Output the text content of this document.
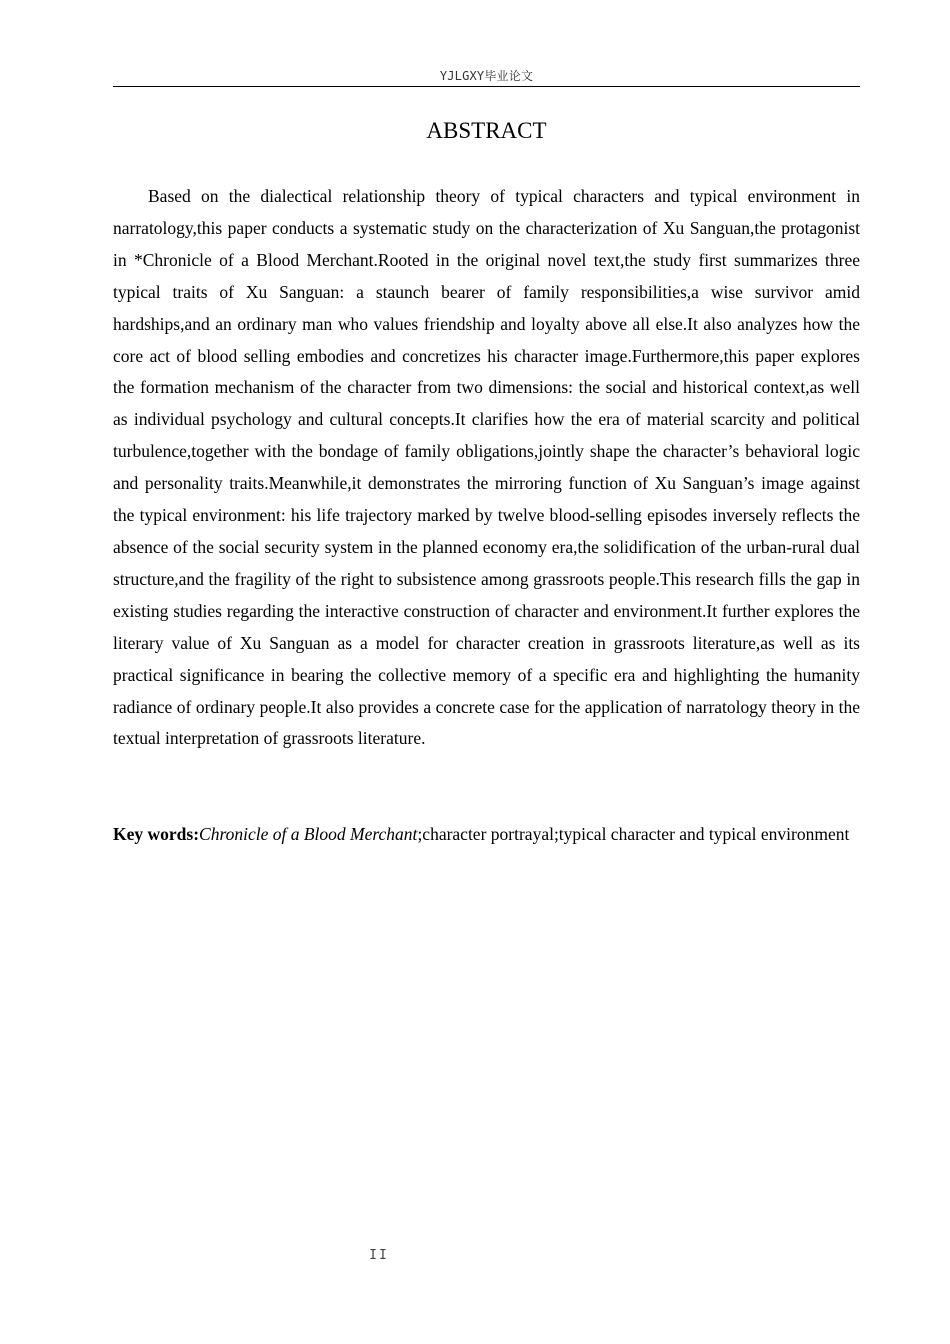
YJLGXY毕业论文
ABSTRACT

Based on the dialectical relationship theory of typical characters and typical environment in narratology,this paper conducts a systematic study on the characterization of Xu Sanguan,the protagonist in *Chronicle of a Blood Merchant.Rooted in the original novel text,the study first summarizes three typical traits of Xu Sanguan: a staunch bearer of family responsibilities,a wise survivor amid hardships,and an ordinary man who values friendship and loyalty above all else.It also analyzes how the core act of blood selling embodies and concretizes his character image.Furthermore,this paper explores the formation mechanism of the character from two dimensions: the social and historical context,as well as individual psychology and cultural concepts.It clarifies how the era of material scarcity and political turbulence,together with the bondage of family obligations,jointly shape the character’s behavioral logic and personality traits.Meanwhile,it demonstrates the mirroring function of Xu Sanguan’s image against the typical environment: his life trajectory marked by twelve blood-selling episodes inversely reflects the absence of the social security system in the planned economy era,the solidification of the urban-rural dual structure,and the fragility of the right to subsistence among grassroots people.This research fills the gap in existing studies regarding the interactive construction of character and environment.It further explores the literary value of Xu Sanguan as a model for character creation in grassroots literature,as well as its practical significance in bearing the collective memory of a specific era and highlighting the humanity radiance of ordinary people.It also provides a concrete case for the application of narratology theory in the textual interpretation of grassroots literature.

Key words:Chronicle of a Blood Merchant;character portrayal;typical character and typical environment

II
